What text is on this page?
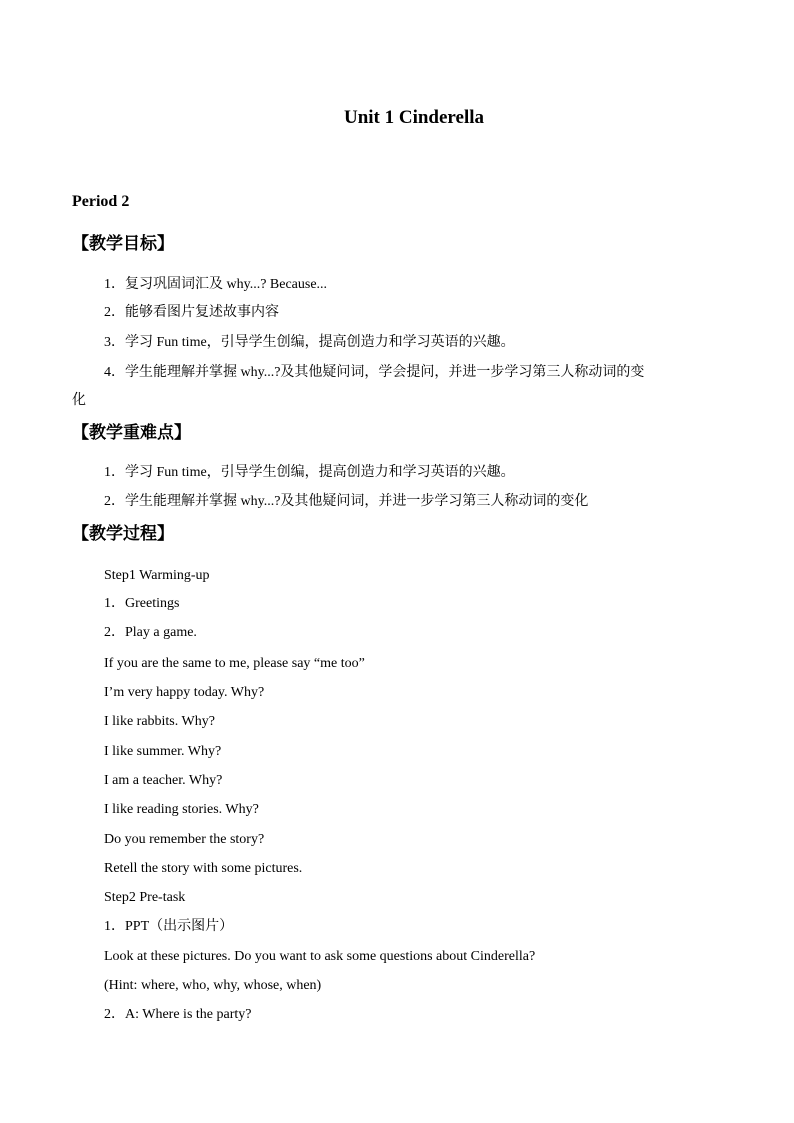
Unit 1 Cinderella
Period 2
【教学目标】
1．复习巩固词汇及 why...? Because...
2．能够看图片复述故事内容
3．学习 Fun time，引导学生创编，提高创造力和学习英语的兴趣。
4．学生能理解并掌握 why...?及其他疑问词，学会提问，并进一步学习第三人称动词的变
化
【教学重难点】
1．学习 Fun time，引导学生创编，提高创造力和学习英语的兴趣。
2．学生能理解并掌握 why...?及其他疑问词，并进一步学习第三人称动词的变化
【教学过程】
Step1 Warming-up
1．Greetings
2．Play a game.
If you are the same to me, please say “me too”
I’m very happy today. Why?
I like rabbits. Why?
I like summer. Why?
I am a teacher. Why?
I like reading stories. Why?
Do you remember the story?
Retell the story with some pictures.
Step2 Pre-task
1．PPT（出示图片）
Look at these pictures. Do you want to ask some questions about Cinderella?
(Hint: where, who, why, whose, when)
2．A: Where is the party?
